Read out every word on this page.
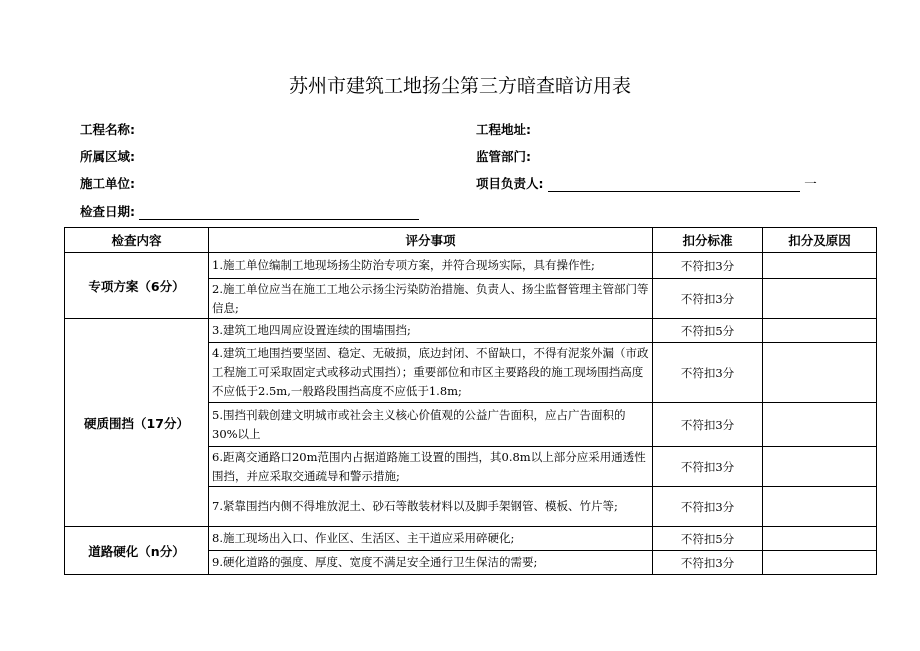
苏州市建筑工地扬尘第三方暗查暗访用表
工程名称:	工程地址:
所属区域:	监管部门:
施工单位:	项目负责人:	一
检查日期:
检查内容	评分事项	扣分标准	扣分及原因
专项方案（6分）	1.施工单位编制工地现场扬尘防治专项方案，并符合现场实际，具有操作性;	不符扣3分	
	2.施工单位应当在施工工地公示扬尘污染防治措施、负责人、扬尘监督管理主管部门等信息;	不符扣3分	
硬质围挡（17分）	3.建筑工地四周应设置连续的围墙围挡;	不符扣5分	
	4.建筑工地围挡要坚固、稳定、无破损，底边封闭、不留缺口，不得有泥浆外漏（市政工程施工可采取固定式或移动式围挡）；重要部位和市区主要路段的施工现场围挡高度不应低于2.5m,一般路段围挡高度不应低于1.8m;	不符扣3分	
	5.围挡刊载创建文明城市或社会主义核心价值观的公益广告面积，应占广告面积的30%以上	不符扣3分	
	6.距离交通路口20m范围内占据道路施工设置的围挡，其0.8m以上部分应采用通透性围挡，并应采取交通疏导和警示措施;	不符扣3分	
	7.紧靠围挡内侧不得堆放泥土、砂石等散装材料以及脚手架钢管、模板、竹片等;	不符扣3分	
道路硬化（n分）	8.施工现场出入口、作业区、生活区、主干道应采用碎硬化;	不符扣5分	
	9.硬化道路的强度、厚度、宽度不满足安全通行卫生保洁的需要;	不符扣3分	
